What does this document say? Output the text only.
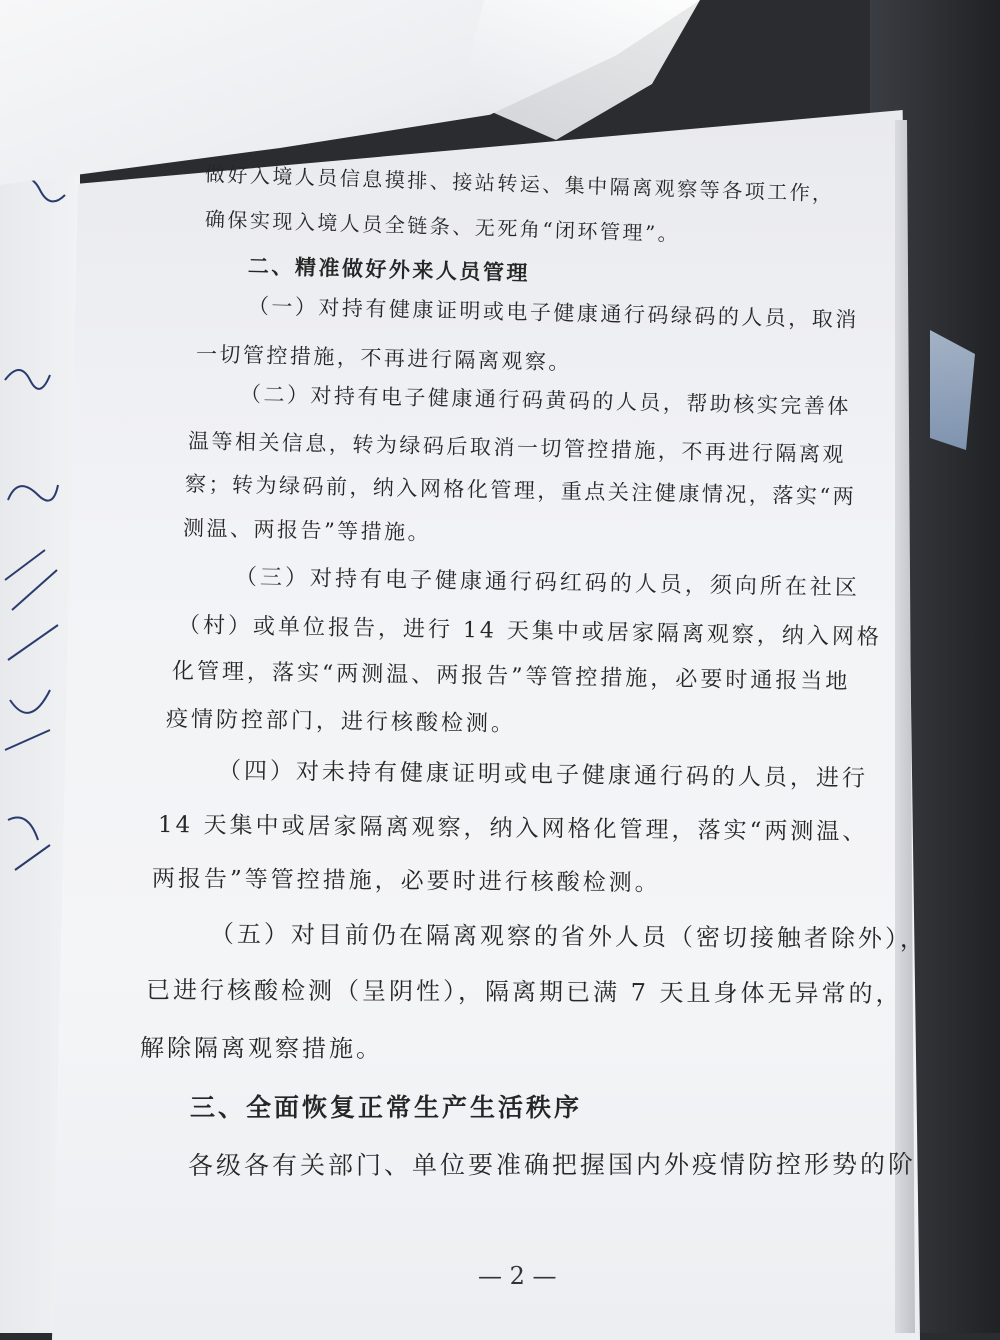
做好入境人员信息摸排、接站转运、集中隔离观察等各项工作，

确保实现入境人员全链条、无死角“闭环管理”。

二、精准做好外来人员管理

（一）对持有健康证明或电子健康通行码绿码的人员，取消

一切管控措施，不再进行隔离观察。

（二）对持有电子健康通行码黄码的人员，帮助核实完善体

温等相关信息，转为绿码后取消一切管控措施，不再进行隔离观

察；转为绿码前，纳入网格化管理，重点关注健康情况，落实“两

测温、两报告”等措施。

（三）对持有电子健康通行码红码的人员，须向所在社区

（村）或单位报告，进行 14 天集中或居家隔离观察，纳入网格

化管理，落实“两测温、两报告”等管控措施，必要时通报当地

疫情防控部门，进行核酸检测。

（四）对未持有健康证明或电子健康通行码的人员，进行

14 天集中或居家隔离观察，纳入网格化管理，落实“两测温、

两报告”等管控措施，必要时进行核酸检测。

（五）对目前仍在隔离观察的省外人员（密切接触者除外），

已进行核酸检测（呈阴性），隔离期已满 7 天且身体无异常的，

解除隔离观察措施。

三、全面恢复正常生产生活秩序

各级各有关部门、单位要准确把握国内外疫情防控形势的阶

— 2 —
